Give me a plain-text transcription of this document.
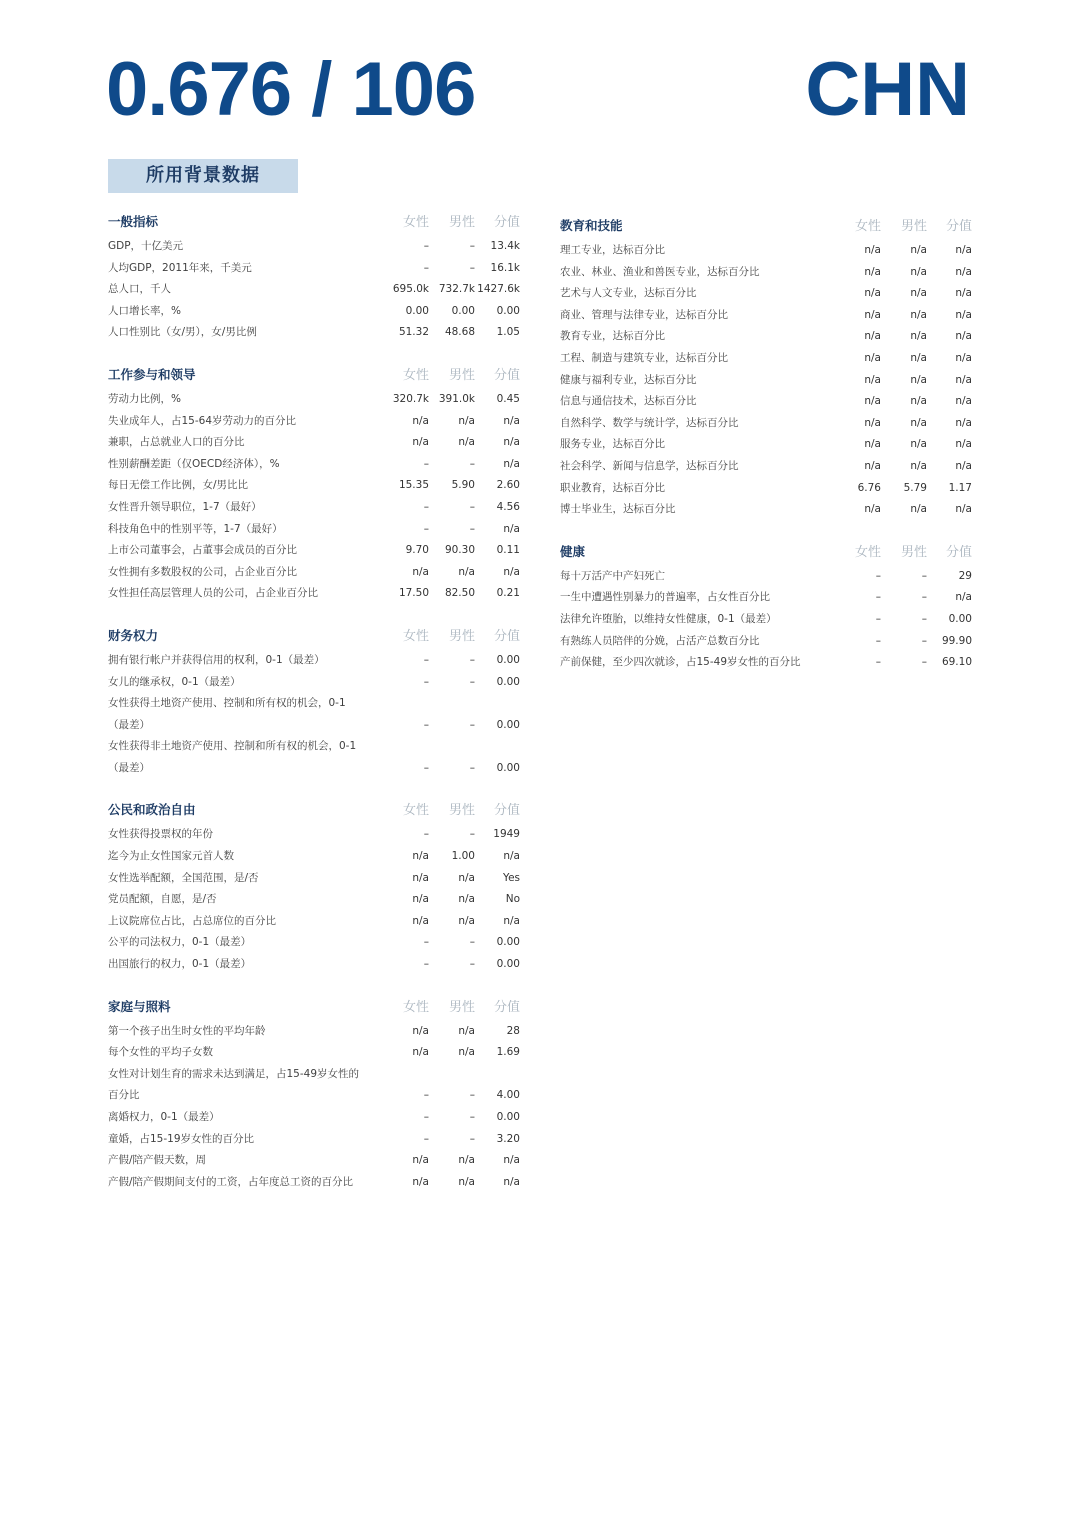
0.676 / 106	CHN
所用背景数据
一般指标	女性	男性	分值
GDP，十亿美元	–	–	13.4k
人均GDP，2011年来，千美元	–	–	16.1k
总人口，千人	695.0k 732.7k 1427.6k
人口增长率，%	0.00	0.00	0.00
人口性别比（女/男），女/男比例	51.32	48.68	1.05
工作参与和领导	女性	男性	分值
劳动力比例，%	320.7k 391.0k	0.45
失业成年人，占15-64岁劳动力的百分比	n/a	n/a	n/a
兼职，占总就业人口的百分比	n/a	n/a	n/a
性别薪酬差距（仅OECD经济体），%	–	–	n/a
每日无偿工作比例，女/男比比	15.35	5.90	2.60
女性晋升领导职位，1-7（最好）	–	–	4.56
科技角色中的性别平等，1-7（最好）	–	–	n/a
上市公司董事会，占董事会成员的百分比	9.70	90.30	0.11
女性拥有多数股权的公司，占企业百分比	n/a	n/a	n/a
女性担任高层管理人员的公司，占企业百分比	17.50	82.50	0.21
财务权力	女性	男性	分值
拥有银行帐户并获得信用的权利，0-1（最差）	–	–	0.00
女儿的继承权，0-1（最差）	–	–	0.00
女性获得土地资产使用、控制和所有权的机会，0-1（最差）	–	–	0.00
女性获得非土地资产使用、控制和所有权的机会，0-1（最差）	–	–	0.00
公民和政治自由	女性	男性	分值
女性获得投票权的年份	–	–	1949
迄今为止女性国家元首人数	n/a	1.00	n/a
女性选举配额，全国范围，是/否	n/a	n/a	Yes
党员配额，自愿，是/否	n/a	n/a	No
上议院席位占比，占总席位的百分比	n/a	n/a	n/a
公平的司法权力，0-1（最差）	–	–	0.00
出国旅行的权力，0-1（最差）	–	–	0.00
家庭与照料	女性	男性	分值
第一个孩子出生时女性的平均年龄	n/a	n/a	28
每个女性的平均子女数	n/a	n/a	1.69
女性对计划生育的需求未达到满足，占15-49岁女性的百分比	–	–	4.00
离婚权力，0-1（最差）	–	–	0.00
童婚，占15-19岁女性的百分比	–	–	3.20
产假/陪产假天数，周	n/a	n/a	n/a
产假/陪产假期间支付的工资，占年度总工资的百分比	n/a	n/a	n/a
教育和技能	女性	男性	分值
理工专业，达标百分比	n/a	n/a	n/a
农业、林业、渔业和兽医专业，达标百分比	n/a	n/a	n/a
艺术与人文专业，达标百分比	n/a	n/a	n/a
商业、管理与法律专业，达标百分比	n/a	n/a	n/a
教育专业，达标百分比	n/a	n/a	n/a
工程、制造与建筑专业，达标百分比	n/a	n/a	n/a
健康与福利专业，达标百分比	n/a	n/a	n/a
信息与通信技术，达标百分比	n/a	n/a	n/a
自然科学、数学与统计学，达标百分比	n/a	n/a	n/a
服务专业，达标百分比	n/a	n/a	n/a
社会科学、新闻与信息学，达标百分比	n/a	n/a	n/a
职业教育，达标百分比	6.76	5.79	1.17
博士毕业生，达标百分比	n/a	n/a	n/a
健康	女性	男性	分值
每十万活产中产妇死亡	–	–	29
一生中遭遇性别暴力的普遍率，占女性百分比	–	–	n/a
法律允许堕胎，以维持女性健康，0-1（最差）	–	–	0.00
有熟练人员陪伴的分娩，占活产总数百分比	–	–	99.90
产前保健，至少四次就诊，占15-49岁女性的百分比	–	–	69.10
